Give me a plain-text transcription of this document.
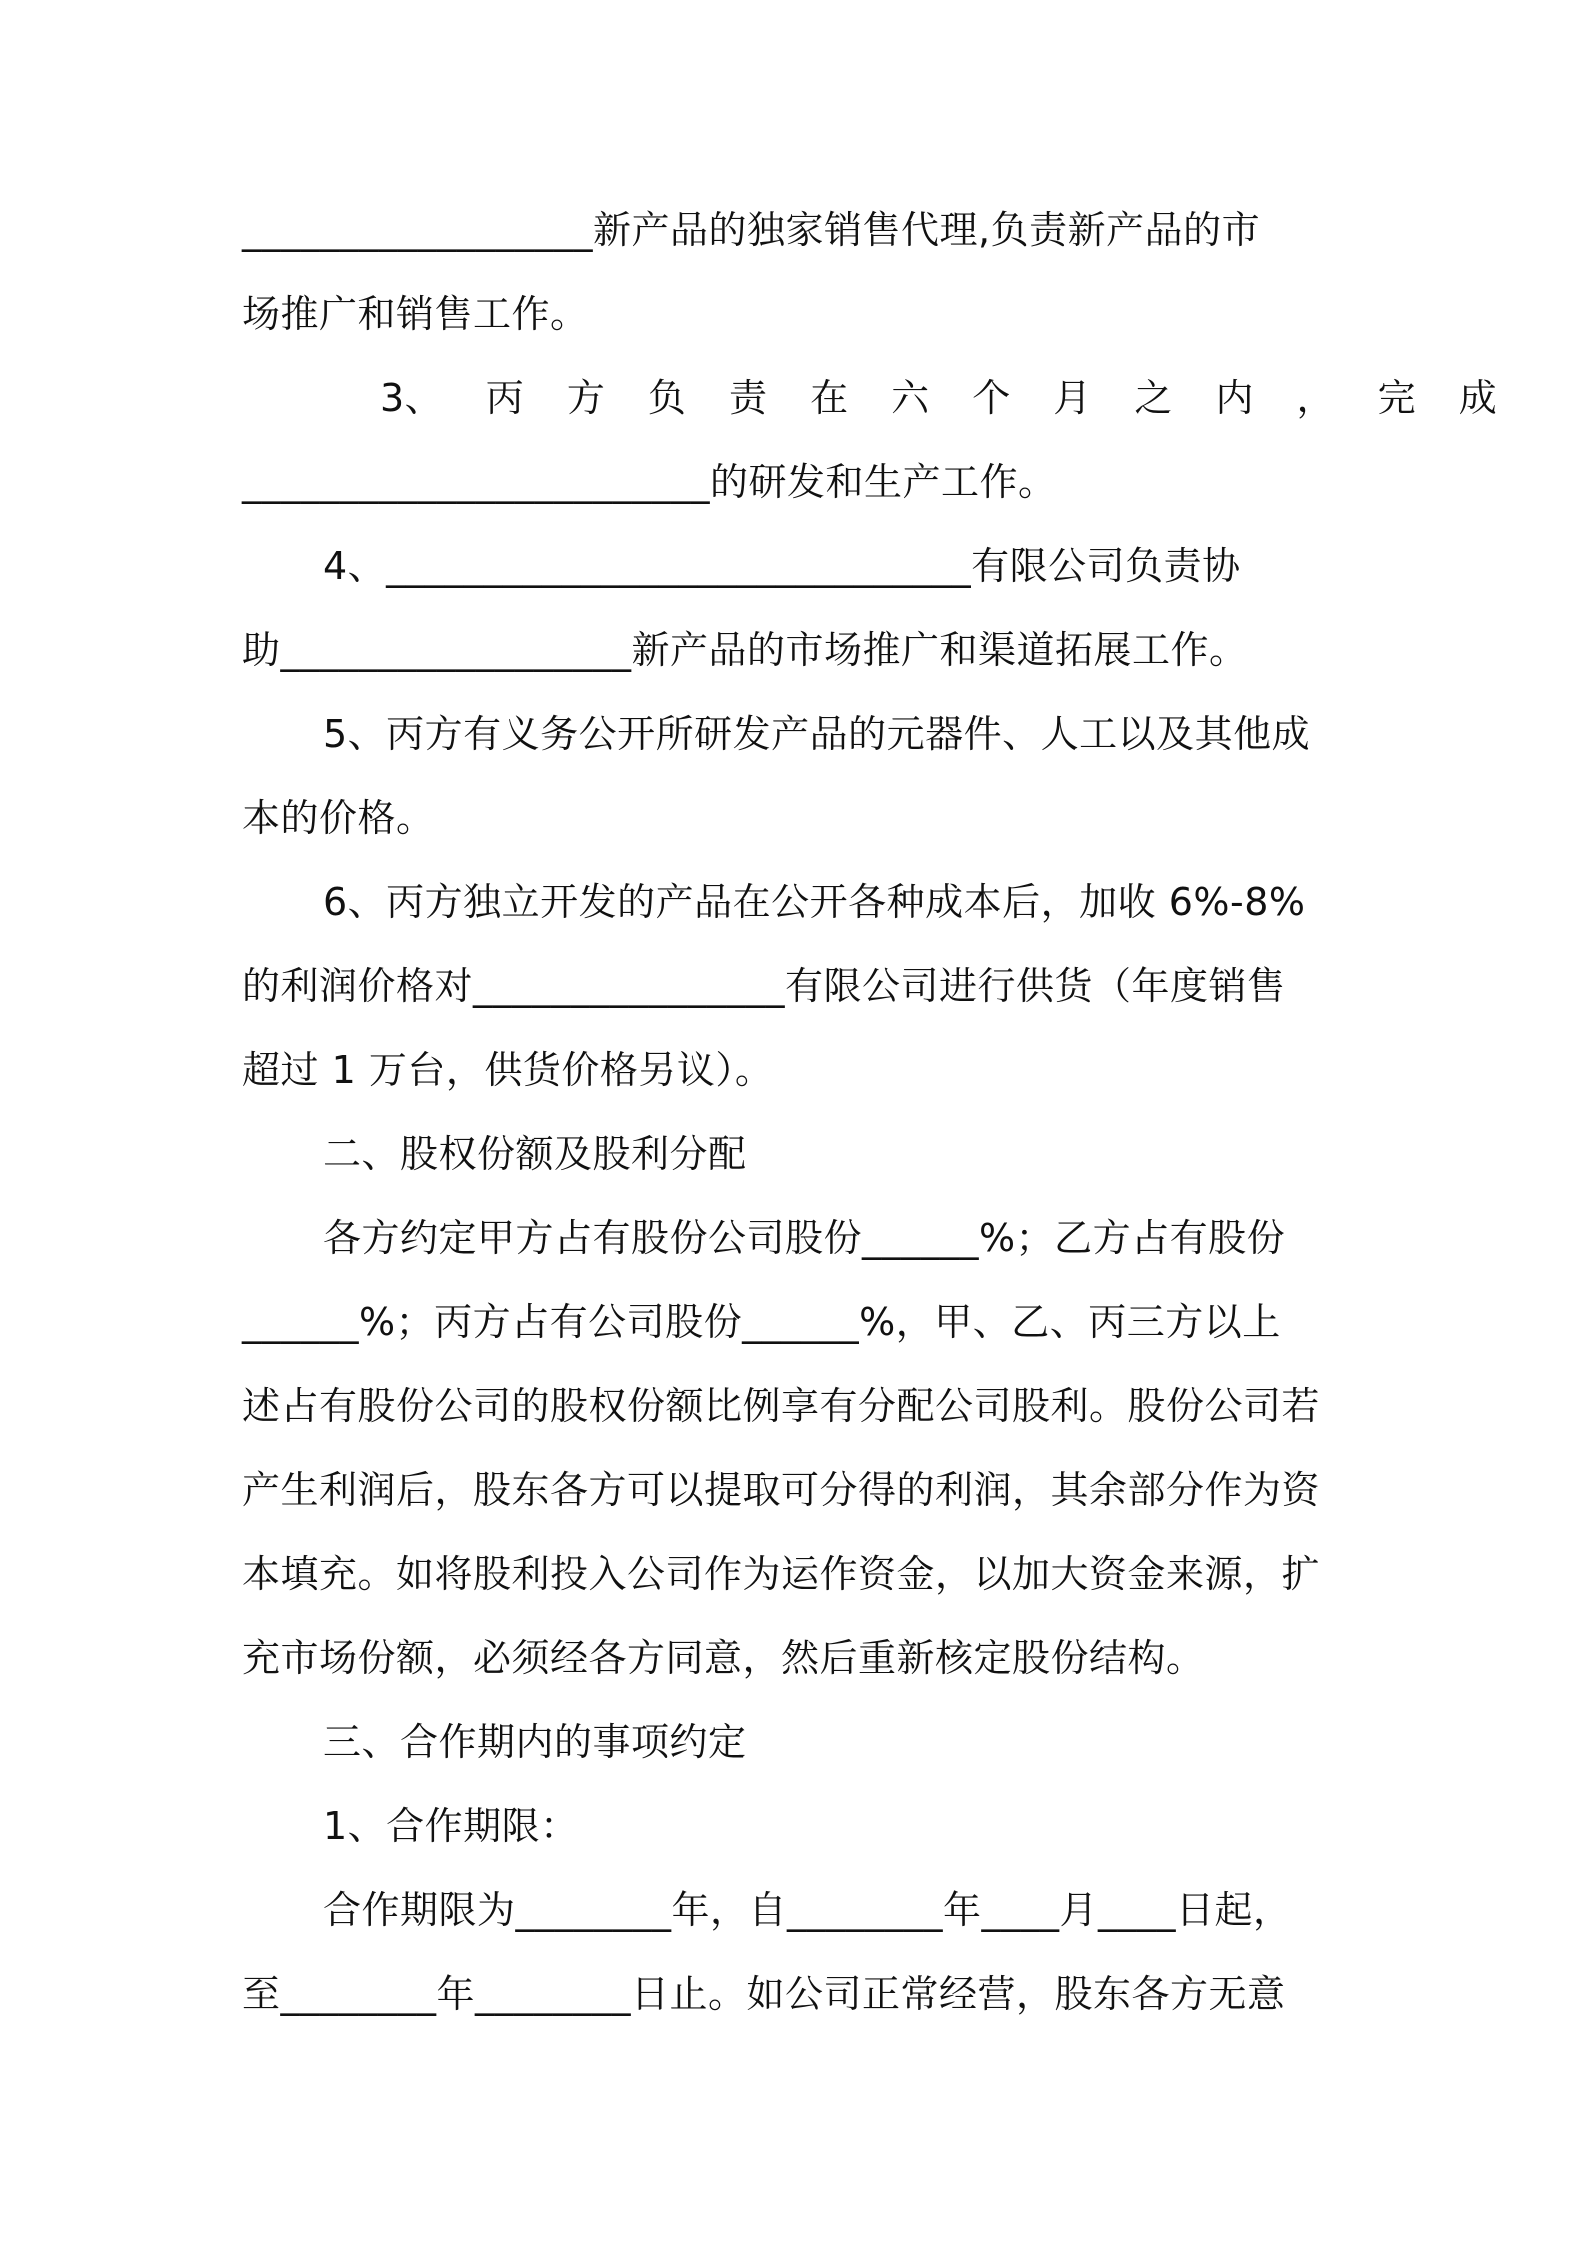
__________________新产品的独家销售代理,负责新产品的市
场推广和销售工作。
3、 丙 方 负 责 在 六 个 月 之 内 ， 完 成
________________________的研发和生产工作。
4、______________________________有限公司负责协
助__________________新产品的市场推广和渠道拓展工作。
5、丙方有义务公开所研发产品的元器件、人工以及其他成
本的价格。
6、丙方独立开发的产品在公开各种成本后，加收 6%-8%
的利润价格对________________有限公司进行供货（年度销售
超过 1 万台，供货价格另议）。
二、股权份额及股利分配
各方约定甲方占有股份公司股份______%；乙方占有股份
______%；丙方占有公司股份______%，甲、乙、丙三方以上
述占有股份公司的股权份额比例享有分配公司股利。股份公司若
产生利润后，股东各方可以提取可分得的利润，其余部分作为资
本填充。如将股利投入公司作为运作资金，以加大资金来源，扩
充市场份额，必须经各方同意，然后重新核定股份结构。
三、合作期内的事项约定
1、合作期限：
合作期限为________年，自________年____月____日起，
至________年________日止。如公司正常经营，股东各方无意
